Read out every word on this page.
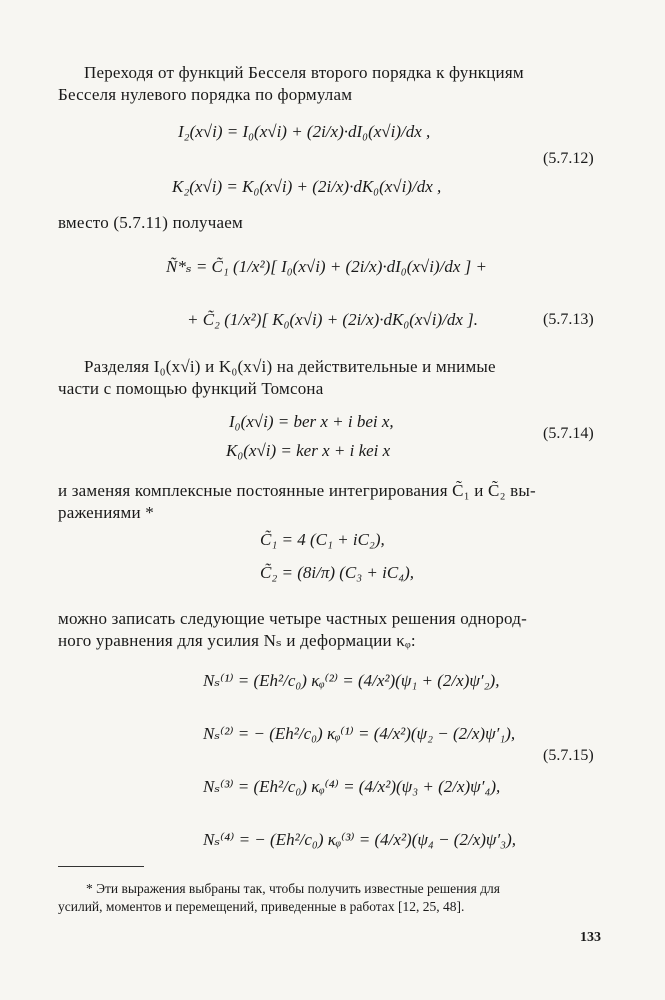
Переходя от функций Бесселя второго порядка к функциям
Бесселя нулевого порядка по формулам
I₂(x√i) = I₀(x√i) + (2i/x)·dI₀(x√i)/dx ,
K₂(x√i) = K₀(x√i) + (2i/x)·dK₀(x√i)/dx ,
(5.7.12)
вместо (5.7.11) получаем
Ñ*ₛ = C̃₁ (1/x²)[ I₀(x√i) + (2i/x)·dI₀(x√i)/dx ] +
+ C̃₂ (1/x²)[ K₀(x√i) + (2i/x)·dK₀(x√i)/dx ].	(5.7.13)
Разделяя I₀(x√i) и K₀(x√i) на действительные и мнимые
части с помощью функций Томсона
I₀(x√i) = ber x + i bei x,
K₀(x√i) = ker x + i kei x
(5.7.14)
и заменяя комплексные постоянные интегрирования C̃₁ и C̃₂ вы-
ражениями *
C̃₁ = 4 (C₁ + iC₂),
C̃₂ = (8i/π) (C₃ + iC₄),
можно записать следующие четыре частных решения однород-
ного уравнения для усилия Nₛ и деформации κᵩ:
Nₛ⁽¹⁾ = (Eh²/c₀) κᵩ⁽²⁾ = (4/x²)(ψ₁ + (2/x)ψ′₂),
Nₛ⁽²⁾ = − (Eh²/c₀) κᵩ⁽¹⁾ = (4/x²)(ψ₂ − (2/x)ψ′₁),
Nₛ⁽³⁾ = (Eh²/c₀) κᵩ⁽⁴⁾ = (4/x²)(ψ₃ + (2/x)ψ′₄),
Nₛ⁽⁴⁾ = − (Eh²/c₀) κᵩ⁽³⁾ = (4/x²)(ψ₄ − (2/x)ψ′₃),
(5.7.15)
* Эти выражения выбраны так, чтобы получить известные решения для
усилий, моментов и перемещений, приведенные в работах [12, 25, 48].
133
